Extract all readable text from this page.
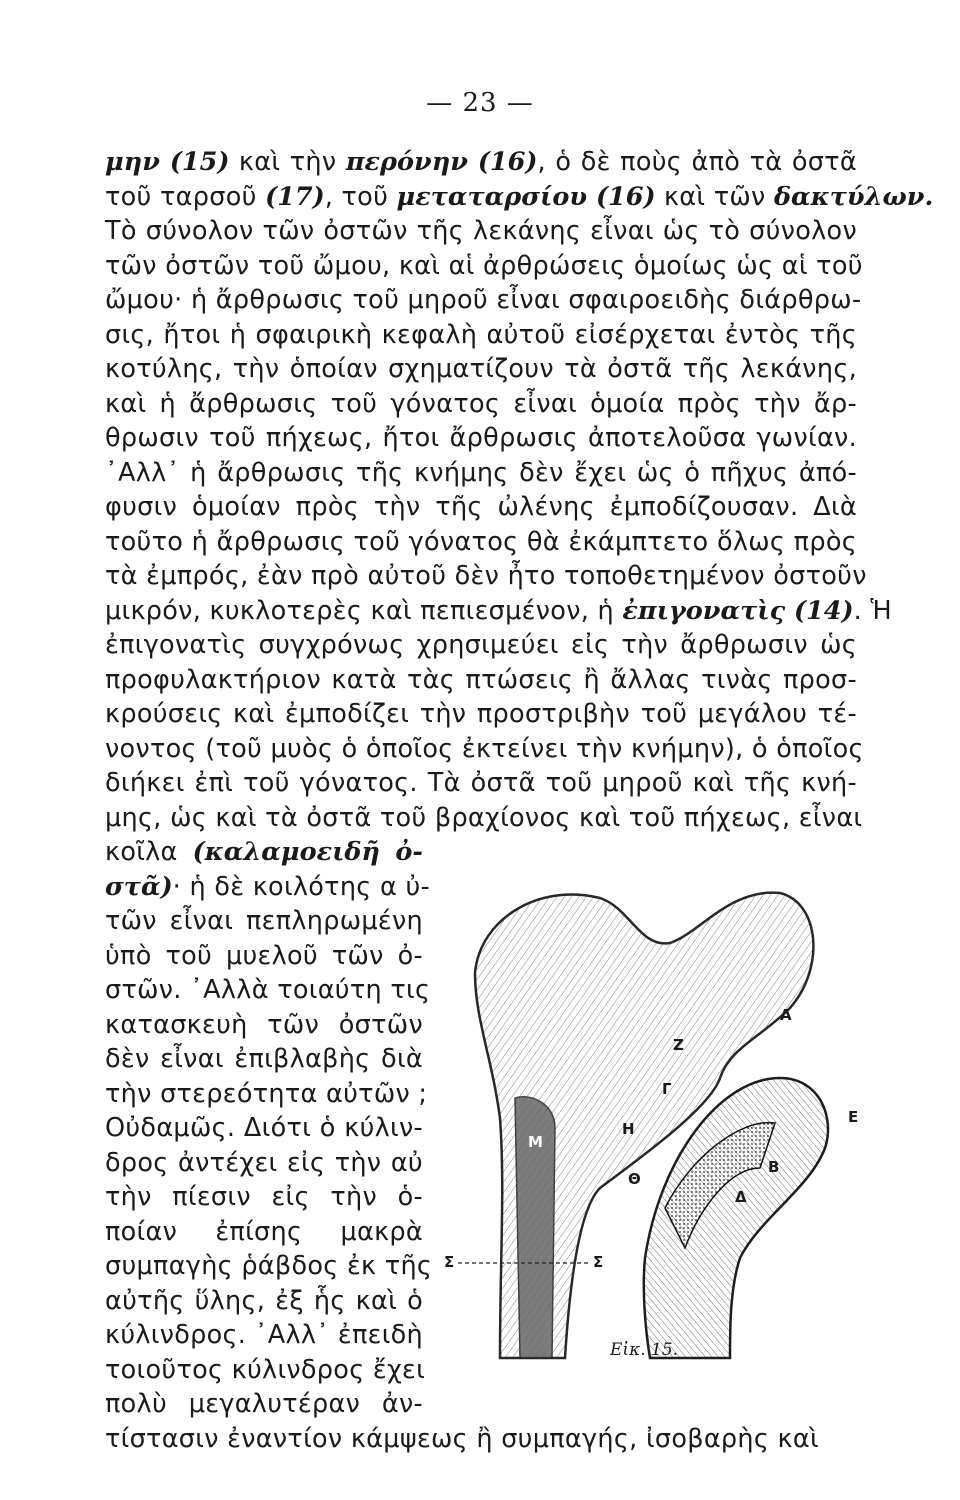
— 23 —
μην (15) καὶ τὴν περόνην (16), ὁ δὲ ποὺς ἀπὸ τὰ ὀστᾶ
τοῦ ταρσοῦ (17), τοῦ μεταταρσίου (16) καὶ τῶν δακτύλων.
Τὸ σύνολον τῶν ὀστῶν τῆς λεκάνης εἶναι ὡς τὸ σύνολον
τῶν ὀστῶν τοῦ ὤμου, καὶ αἱ ἀρθρώσεις ὁμοίως ὡς αἱ τοῦ
ὤμου· ἡ ἄρθρωσις τοῦ μηροῦ εἶναι σφαιροειδὴς διάρθρω-
σις, ἤτοι ἡ σφαιρικὴ κεφαλὴ αὐτοῦ εἰσέρχεται ἐντὸς τῆς
κοτύλης, τὴν ὁποίαν σχηματίζουν τὰ ὀστᾶ τῆς λεκάνης,
καὶ ἡ ἄρθρωσις τοῦ γόνατος εἶναι ὁμοία πρὸς τὴν ἄρ-
θρωσιν τοῦ πήχεως, ἤτοι ἄρθρωσις ἀποτελοῦσα γωνίαν.
᾿Αλλ᾿ ἡ ἄρθρωσις τῆς κνήμης δὲν ἔχει ὡς ὁ πῆχυς ἀπό-
φυσιν ὁμοίαν πρὸς τὴν τῆς ὠλένης ἐμποδίζουσαν. Διὰ
τοῦτο ἡ ἄρθρωσις τοῦ γόνατος θὰ ἐκάμπτετο ὅλως πρὸς
τὰ ἐμπρός, ἐὰν πρὸ αὐτοῦ δὲν ἦτο τοποθετημένον ὀστοῦν
μικρόν, κυκλοτερὲς καὶ πεπιεσμένον, ἡ ἐπιγονατὶς (14). Ἡ
ἐπιγονατὶς συγχρόνως χρησιμεύει εἰς τὴν ἄρθρωσιν ὡς
προφυλακτήριον κατὰ τὰς πτώσεις ἢ ἄλλας τινὰς προσ-
κρούσεις καὶ ἐμποδίζει τὴν προστριβὴν τοῦ μεγάλου τέ-
νοντος (τοῦ μυὸς ὁ ὁποῖος ἐκτείνει τὴν κνήμην), ὁ ὁποῖος
διήκει ἐπὶ τοῦ γόνατος. Τὰ ὀστᾶ τοῦ μηροῦ καὶ τῆς κνή-
μης, ὡς καὶ τὰ ὀστᾶ τοῦ βραχίονος καὶ τοῦ πήχεως, εἶναι
κοῖλα (καλαμοειδῆ ὀ-
στᾶ)· ἡ δὲ κοιλότης α ὐ-
τῶν εἶναι πεπληρωμένη
ὑπὸ τοῦ μυελοῦ τῶν ὀ-
στῶν. ᾿Αλλὰ τοιαύτη τις
κατασκευὴ τῶν ὀστῶν
δὲν εἶναι ἐπιβλαβὴς διὰ
τὴν στερεότητα αὐτῶν ;
Οὐδαμῶς. Διότι ὁ κύλιν-
δρος ἀντέχει εἰς τὴν αὐ
τὴν πίεσιν εἰς τὴν ὁ-
ποίαν ἐπίσης μακρὰ
συμπαγὴς ῥάβδος ἐκ τῆς
αὐτῆς ὕλης, ἐξ ἧς καὶ ὁ
κύλινδρος. ᾿Αλλ᾿ ἐπειδὴ
τοιοῦτος κύλινδρος ἔχει
πολὺ μεγαλυτέραν ἀν-
τίστασιν ἐναντίον κάμψεως ἢ συμπαγής, ἰσοβαρὴς καὶ
A
B
Γ
Δ
E
Z
H
Θ
M
Σ	Σ
Εἰκ. 15.
